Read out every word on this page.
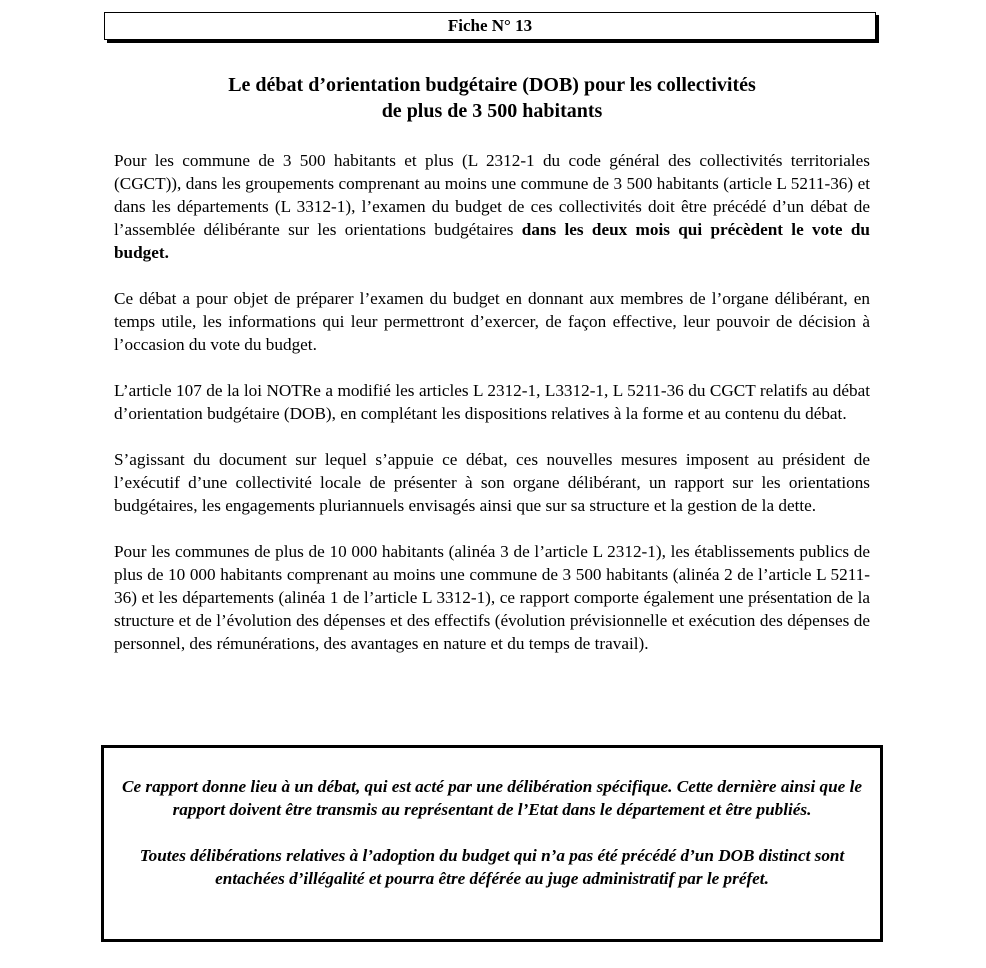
Fiche N° 13
Le débat d’orientation budgétaire (DOB) pour les collectivités
de plus de 3 500 habitants

Pour les commune de 3 500 habitants et plus (L 2312-1 du code général des collectivités territoriales (CGCT)), dans les groupements comprenant au moins une commune de 3 500 habitants (article L 5211-36) et dans les départements (L 3312-1), l’examen du budget de ces collectivités doit être précédé d’un débat de l’assemblée délibérante sur les orientations budgétaires dans les deux mois qui précèdent le vote du budget.

Ce débat a pour objet de préparer l’examen du budget en donnant aux membres de l’organe délibérant, en temps utile, les informations qui leur permettront d’exercer, de façon effective, leur pouvoir de décision à l’occasion du vote du budget.

L’article 107 de la loi NOTRe a modifié les articles L 2312-1, L3312-1, L 5211-36 du CGCT relatifs au débat d’orientation budgétaire (DOB), en complétant les dispositions relatives à la forme et au contenu du débat.

S’agissant du document sur lequel s’appuie ce débat, ces nouvelles mesures imposent au président de l’exécutif d’une collectivité locale de présenter à son organe délibérant, un rapport sur les orientations budgétaires, les engagements pluriannuels envisagés ainsi que sur sa structure et la gestion de la dette.

Pour les communes de plus de 10 000 habitants (alinéa 3 de l’article L 2312-1), les établissements publics de plus de 10 000 habitants comprenant au moins une commune de 3 500 habitants (alinéa 2 de l’article L 5211-36) et les départements (alinéa 1 de l’article L 3312-1), ce rapport comporte également une présentation de la structure et de l’évolution des dépenses et des effectifs (évolution prévisionnelle et exécution des dépenses de personnel, des rémunérations, des avantages en nature et du temps de travail).

Ce rapport donne lieu à un débat, qui est acté par une délibération spécifique. Cette dernière ainsi que le rapport doivent être transmis au représentant de l’Etat dans le département et être publiés.

Toutes délibérations relatives à l’adoption du budget qui n’a pas été précédé d’un DOB distinct sont entachées d’illégalité et pourra être déférée au juge administratif par le préfet.
